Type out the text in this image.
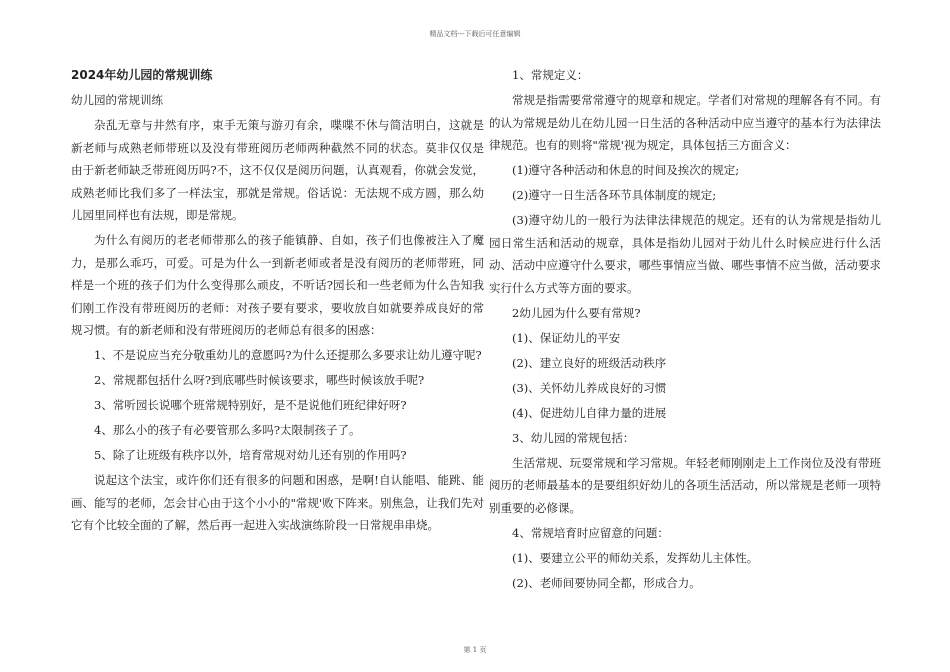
精品文档---下载后可任意编辑
2024年幼儿园的常规训练
幼儿园的常规训练
杂乱无章与井然有序，束手无策与游刃有余，喋喋不休与简洁明白，这就是新老师与成熟老师带班以及没有带班阅历老师两种截然不同的状态。莫非仅仅是由于新老师缺乏带班阅历吗?不，这不仅仅是阅历问题，认真观看，你就会发觉，成熟老师比我们多了一样法宝，那就是常规。俗话说：无法规不成方圆，那么幼儿园里同样也有法规，即是常规。
为什么有阅历的老老师带那么的孩子能镇静、自如，孩子们也像被注入了魔力，是那么乖巧，可爱。可是为什么一到新老师或者是没有阅历的老师带班，同样是一个班的孩子们为什么变得那么顽皮，不听话?园长和一些老师为什么告知我们刚工作没有带班阅历的老师：对孩子要有要求，要收放自如就要养成良好的常规习惯。有的新老师和没有带班阅历的老师总有很多的困惑：
1、不是说应当充分敬重幼儿的意愿吗?为什么还提那么多要求让幼儿遵守呢?
2、常规都包括什么呀?到底哪些时候该要求，哪些时候该放手呢?
3、常听园长说哪个班常规特别好，是不是说他们班纪律好呀?
4、那么小的孩子有必要管那么多吗?太限制孩子了。
5、除了让班级有秩序以外，培育常规对幼儿还有别的作用吗?
说起这个法宝，或许你们还有很多的问题和困惑，是啊!自认能唱、能跳、能画、能写的老师，怎会甘心由于这个小小的"常规'败下阵来。别焦急，让我们先对它有个比较全面的了解，然后再一起进入实战演练阶段一日常规串串烧。
1、常规定义：
常规是指需要常常遵守的规章和规定。学者们对常规的理解各有不同。有的认为常规是幼儿在幼儿园一日生活的各种活动中应当遵守的基本行为法律法律规范。也有的则将"常规'视为规定，具体包括三方面含义：
(1)遵守各种活动和休息的时间及挨次的规定;
(2)遵守一日生活各环节具体制度的规定;
(3)遵守幼儿的一般行为法律法律规范的规定。还有的认为常规是指幼儿园日常生活和活动的规章，具体是指幼儿园对于幼儿什么时候应进行什么活动、活动中应遵守什么要求，哪些事情应当做、哪些事情不应当做，活动要求实行什么方式等方面的要求。
2幼儿园为什么要有常规?
(1)、保证幼儿的平安
(2)、建立良好的班级活动秩序
(3)、关怀幼儿养成良好的习惯
(4)、促进幼儿自律力量的进展
3、幼儿园的常规包括：
生活常规、玩耍常规和学习常规。年轻老师刚刚走上工作岗位及没有带班阅历的老师最基本的是要组织好幼儿的各项生活活动，所以常规是老师一项特别重要的必修课。
4、常规培育时应留意的问题：
(1)、要建立公平的师幼关系，发挥幼儿主体性。
(2)、老师间要协同全都，形成合力。
第 1 页
